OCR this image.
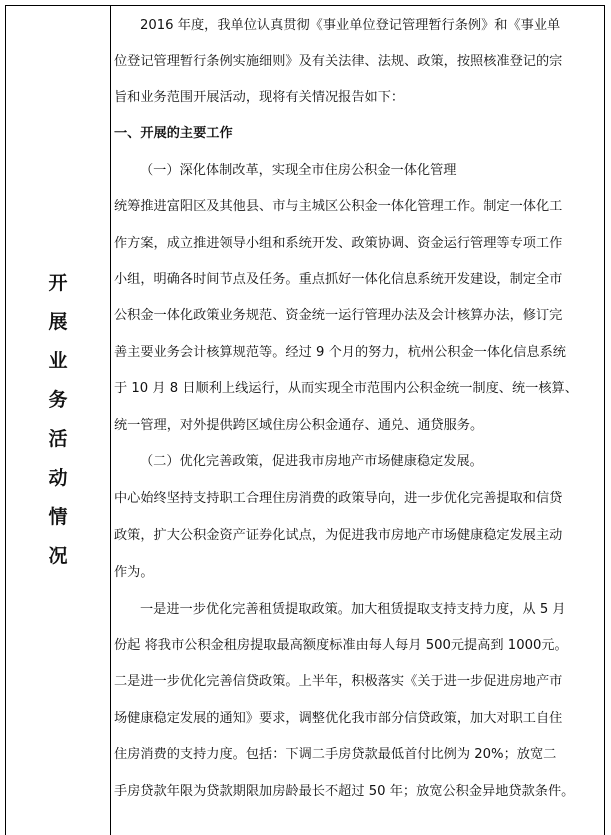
开
展
业
务
活
动
情
况
2016 年度，我单位认真贯彻《事业单位登记管理暂行条例》和《事业单
位登记管理暂行条例实施细则》及有关法律、法规、政策，按照核准登记的宗
旨和业务范围开展活动，现将有关情况报告如下：
一、开展的主要工作
（一）深化体制改革，实现全市住房公积金一体化管理
统筹推进富阳区及其他县、市与主城区公积金一体化管理工作。制定一体化工
作方案，成立推进领导小组和系统开发、政策协调、资金运行管理等专项工作
小组，明确各时间节点及任务。重点抓好一体化信息系统开发建设，制定全市
公积金一体化政策业务规范、资金统一运行管理办法及会计核算办法，修订完
善主要业务会计核算规范等。经过 9 个月的努力，杭州公积金一体化信息系统
于 10 月 8 日顺利上线运行，从而实现全市范围内公积金统一制度、统一核算、
统一管理，对外提供跨区域住房公积金通存、通兑、通贷服务。
（二）优化完善政策，促进我市房地产市场健康稳定发展。
中心始终坚持支持职工合理住房消费的政策导向，进一步优化完善提取和信贷
政策，扩大公积金资产证券化试点，为促进我市房地产市场健康稳定发展主动
作为。
一是进一步优化完善租赁提取政策。加大租赁提取支持支持力度，从 5 月
份起 将我市公积金租房提取最高额度标准由每人每月 500元提高到 1000元。
二是进一步优化完善信贷政策。上半年，积极落实《关于进一步促进房地产市
场健康稳定发展的通知》要求，调整优化我市部分信贷政策，加大对职工自住
住房消费的支持力度。包括：下调二手房贷款最低首付比例为 20%；放宽二
手房贷款年限为贷款期限加房龄最长不超过 50 年；放宽公积金异地贷款条件。
